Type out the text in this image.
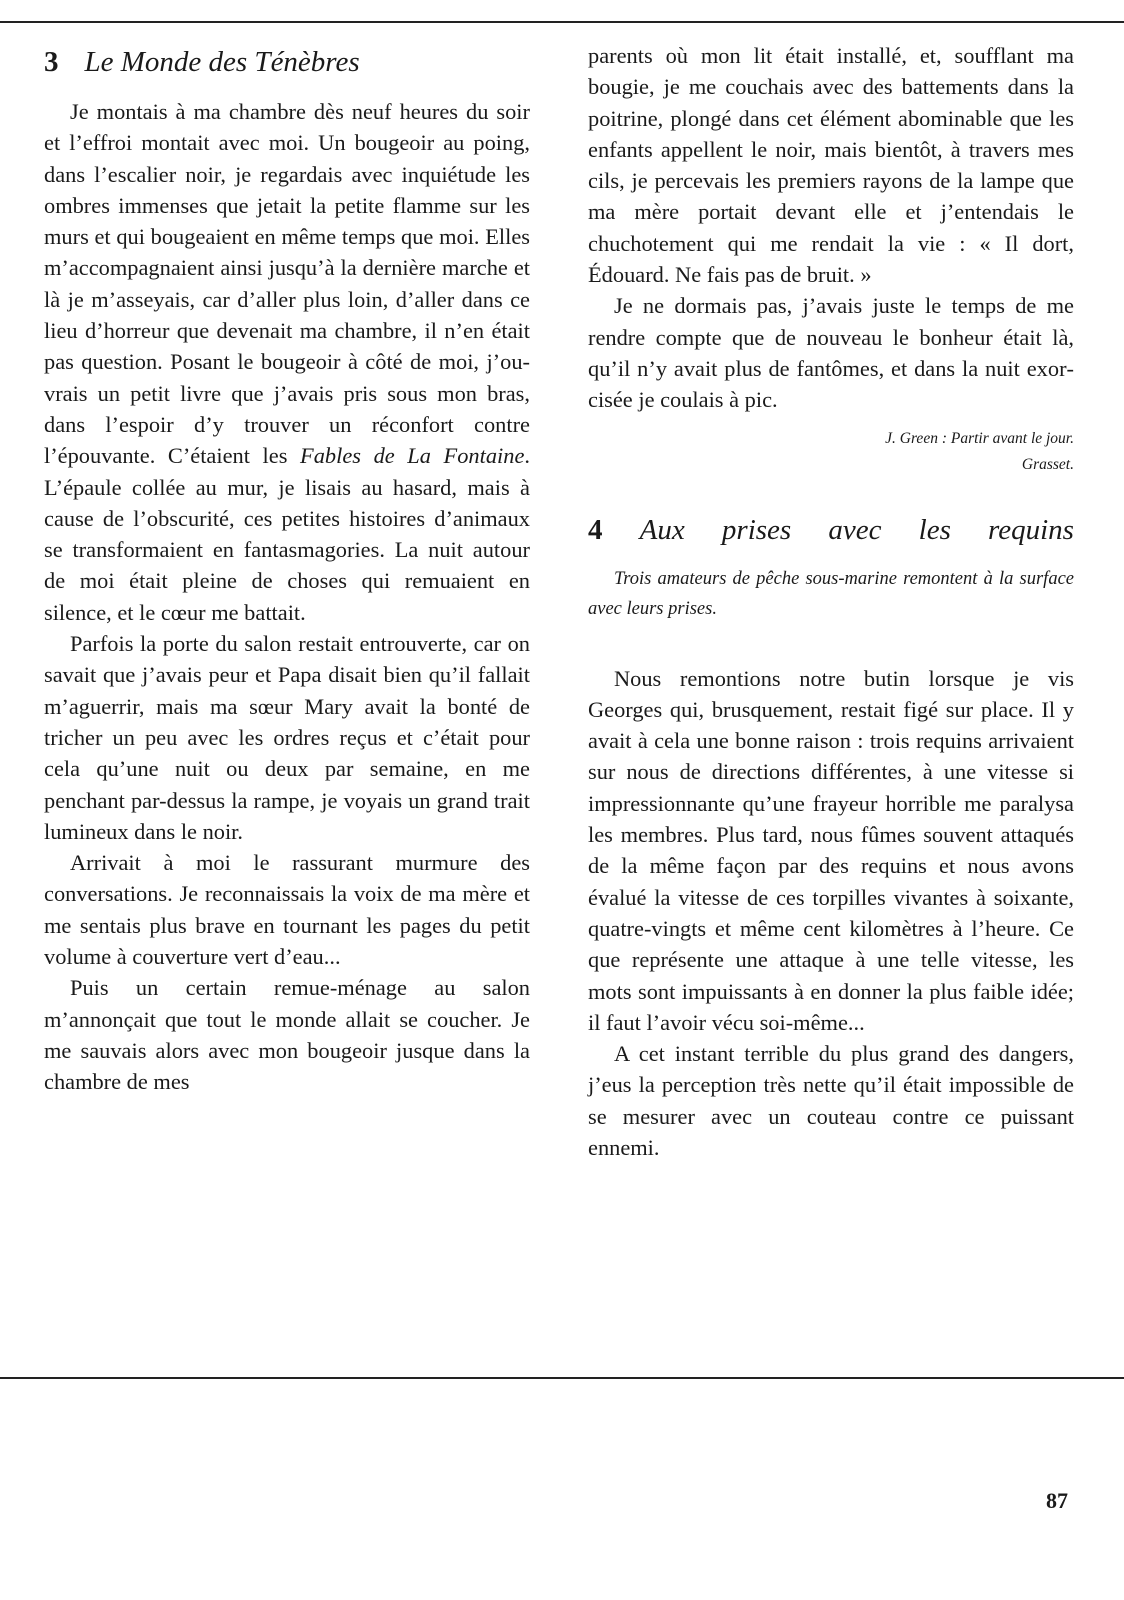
3 Le Monde des Ténèbres

Je montais à ma chambre dès neuf heures du soir et l’effroi montait avec moi. Un bougeoir au poing, dans l’escalier noir, je regardais avec inquiétude les ombres immenses que jetait la petite flamme sur les murs et qui bougeaient en même temps que moi. Elles m’accompagnaient ainsi jusqu’à la dernière marche et là je m’asseyais, car d’aller plus loin, d’aller dans ce lieu d’horreur que devenait ma chambre, il n’en était pas question. Posant le bougeoir à côté de moi, j’ouvrais un petit livre que j’avais pris sous mon bras, dans l’espoir d’y trouver un réconfort contre l’épouvante. C’étaient les Fables de La Fontaine. L’épaule collée au mur, je lisais au hasard, mais à cause de l’obscurité, ces petites histoires d’animaux se transformaient en fantasmagories. La nuit autour de moi était pleine de choses qui remuaient en silence, et le cœur me battait.

Parfois la porte du salon restait entrouverte, car on savait que j’avais peur et Papa disait bien qu’il fallait m’aguerrir, mais ma sœur Mary avait la bonté de tricher un peu avec les ordres reçus et c’était pour cela qu’une nuit ou deux par semaine, en me penchant par-dessus la rampe, je voyais un grand trait lumineux dans le noir.

Arrivait à moi le rassurant murmure des conversations. Je reconnaissais la voix de ma mère et me sentais plus brave en tournant les pages du petit volume à couverture vert d’eau...

Puis un certain remue-ménage au salon m’annonçait que tout le monde allait se coucher. Je me sauvais alors avec mon bougeoir jusque dans la chambre de mes

parents où mon lit était installé, et, soufflant ma bougie, je me couchais avec des battements dans la poitrine, plongé dans cet élément abominable que les enfants appellent le noir, mais bientôt, à travers mes cils, je percevais les premiers rayons de la lampe que ma mère portait devant elle et j’entendais le chuchotement qui me rendait la vie : « Il dort, Édouard. Ne fais pas de bruit. »

Je ne dormais pas, j’avais juste le temps de me rendre compte que de nouveau le bonheur était là, qu’il n’y avait plus de fantômes, et dans la nuit exorcisée je coulais à pic.

J. Green : Partir avant le jour.
Grasset.
4 Aux prises avec les requins
Trois amateurs de pêche sous-marine remontent à la surface avec leurs prises.

Nous remontions notre butin lorsque je vis Georges qui, brusquement, restait figé sur place. Il y avait à cela une bonne raison : trois requins arrivaient sur nous de directions différentes, à une vitesse si impressionnante qu’une frayeur horrible me paralysa les membres. Plus tard, nous fûmes souvent attaqués de la même façon par des requins et nous avons évalué la vitesse de ces torpilles vivantes à soixante, quatre-vingts et même cent kilomètres à l’heure. Ce que représente une attaque à une telle vitesse, les mots sont impuissants à en donner la plus faible idée; il faut l’avoir vécu soi-même...

A cet instant terrible du plus grand des dangers, j’eus la perception très nette qu’il était impossible de se mesurer avec un couteau contre ce puissant ennemi.

87
